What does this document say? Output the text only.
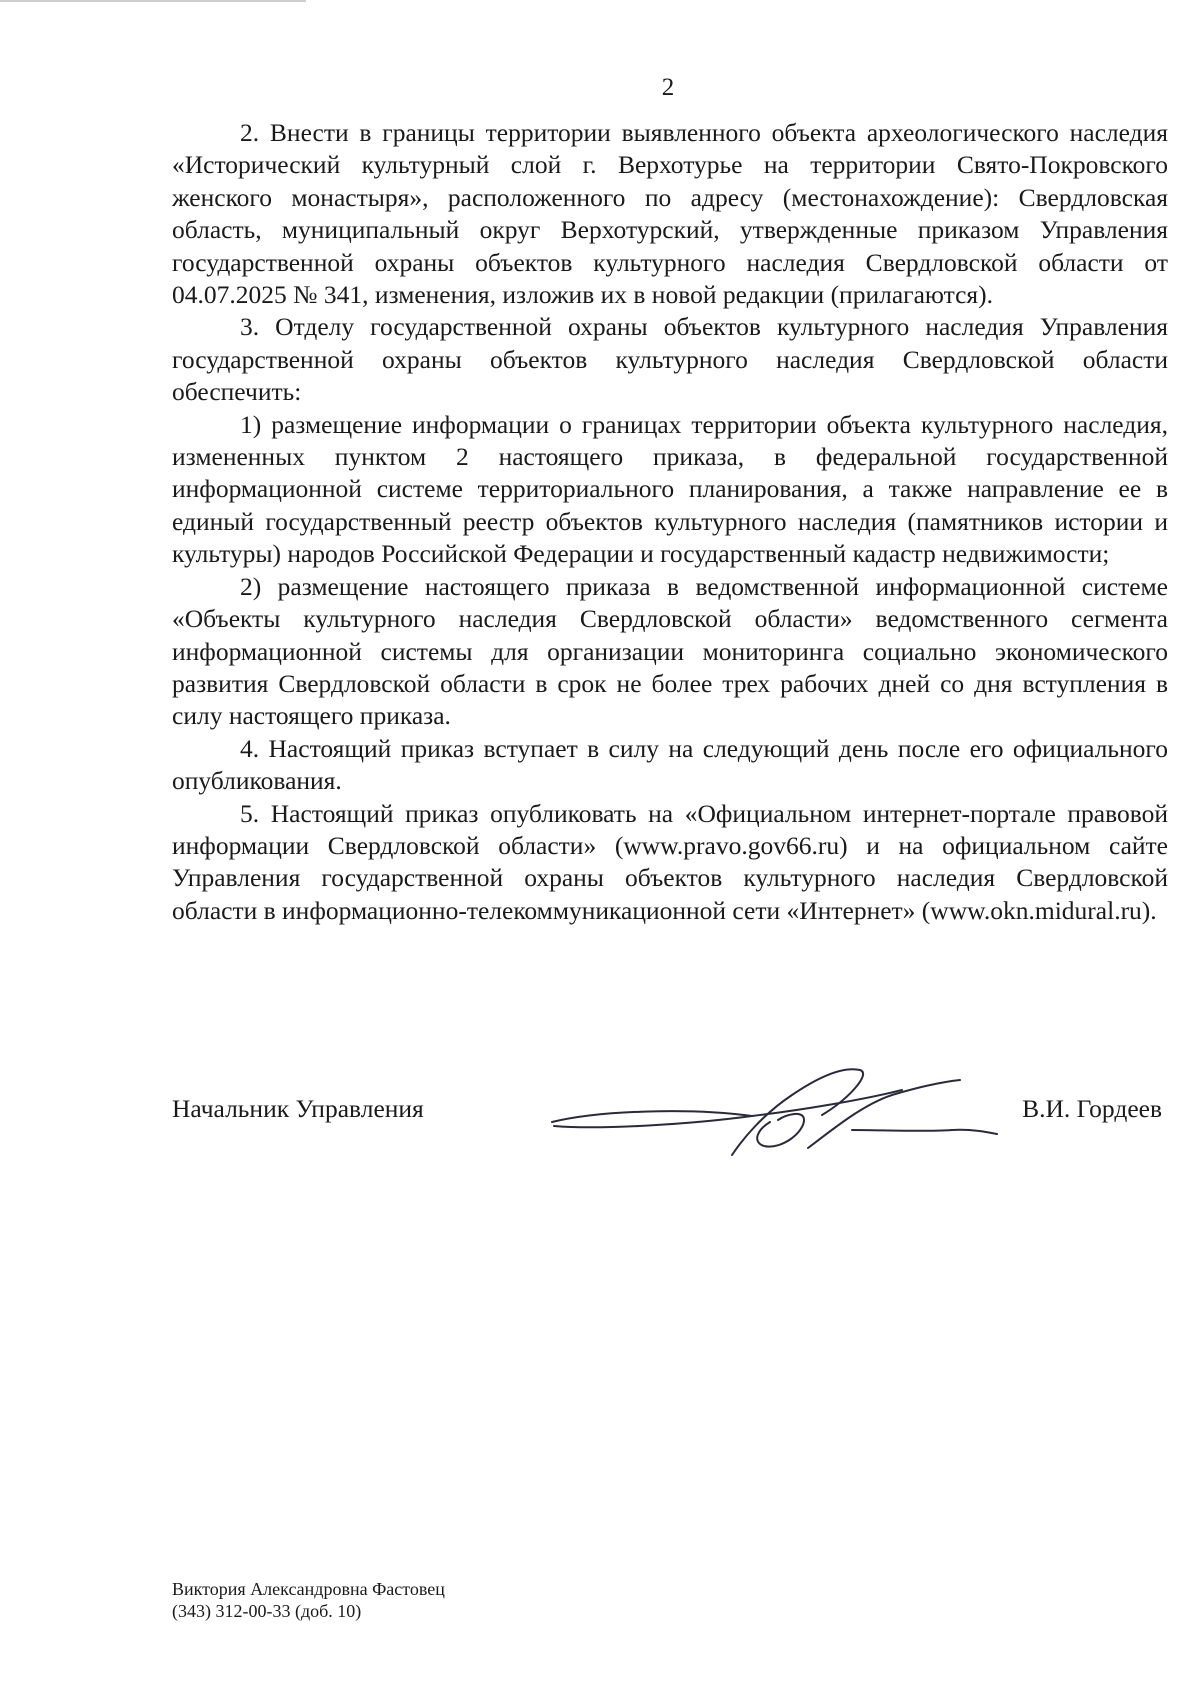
2

2. Внести в границы территории выявленного объекта археологического наследия «Исторический культурный слой г. Верхотурье на территории Свято-Покровского женского монастыря», расположенного по адресу (местонахождение): Свердловская область, муниципальный округ Верхотурский, утвержденные приказом Управления государственной охраны объектов культурного наследия Свердловской области от 04.07.2025 № 341, изменения, изложив их в новой редакции (прилагаются).

3. Отделу государственной охраны объектов культурного наследия Управления государственной охраны объектов культурного наследия Свердловской области обеспечить:

1) размещение информации о границах территории объекта культурного наследия, измененных пунктом 2 настоящего приказа, в федеральной государственной информационной системе территориального планирования, а также направление ее в единый государственный реестр объектов культурного наследия (памятников истории и культуры) народов Российской Федерации и государственный кадастр недвижимости;

2) размещение настоящего приказа в ведомственной информационной системе «Объекты культурного наследия Свердловской области» ведомственного сегмента информационной системы для организации мониторинга социально экономического развития Свердловской области в срок не более трех рабочих дней со дня вступления в силу настоящего приказа.

4. Настоящий приказ вступает в силу на следующий день после его официального опубликования.

5. Настоящий приказ опубликовать на «Официальном интернет-портале правовой информации Свердловской области» (www.pravo.gov66.ru) и на официальном сайте Управления государственной охраны объектов культурного наследия Свердловской области в информационно-телекоммуникационной сети «Интернет» (www.okn.midural.ru).

Начальник Управления	В.И. Гордеев
Виктория Александровна Фастовец
(343) 312-00-33 (доб. 10)
